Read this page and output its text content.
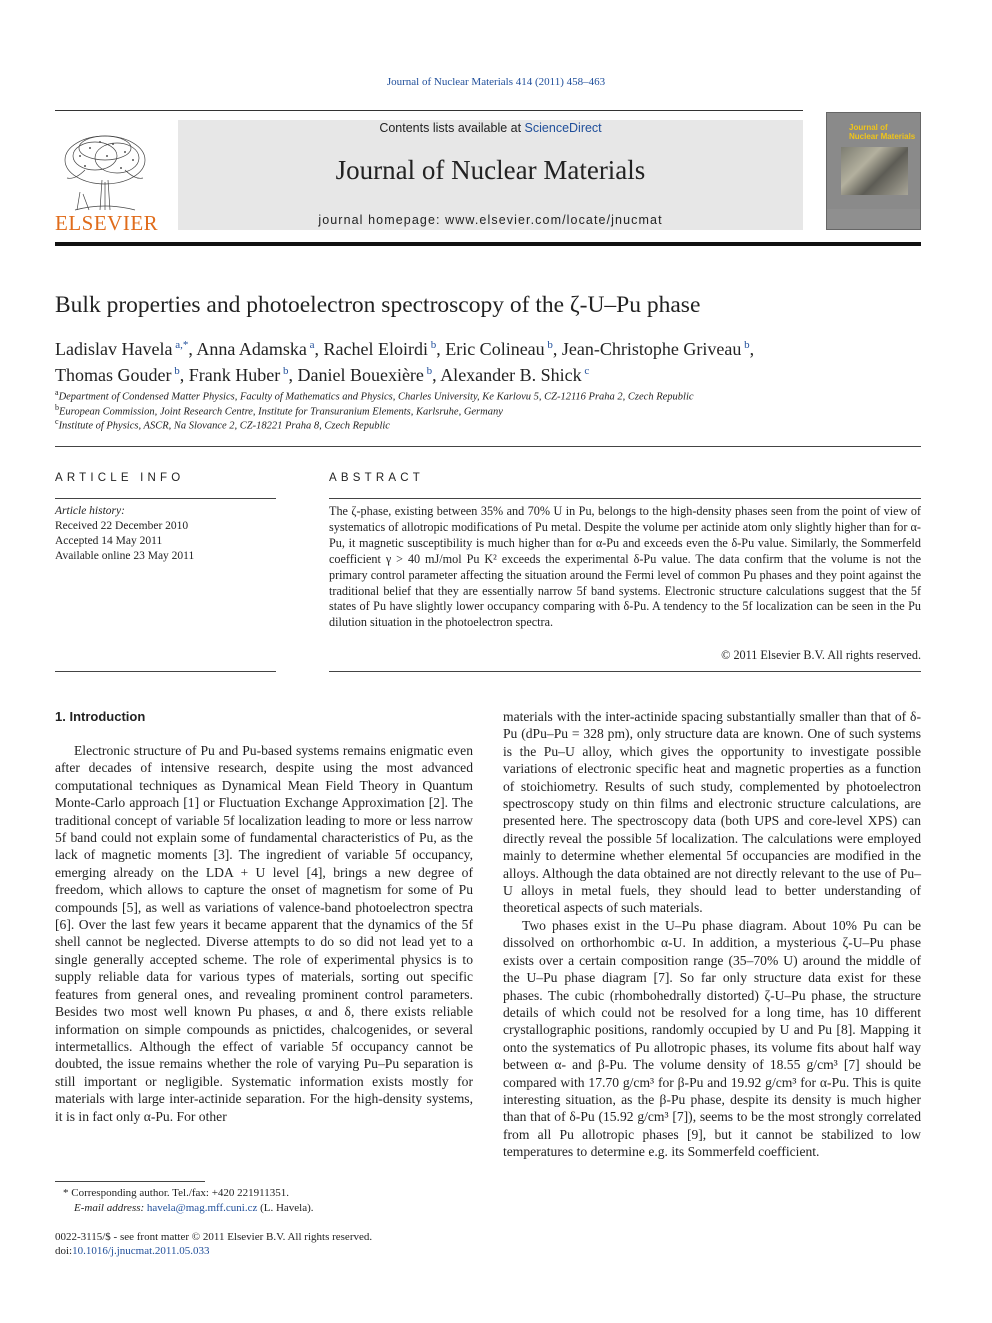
Journal of Nuclear Materials 414 (2011) 458–463
ELSEVIER
Contents lists available at ScienceDirect
Journal of Nuclear Materials
journal homepage: www.elsevier.com/locate/jnucmat
Journal of Nuclear Materials
Bulk properties and photoelectron spectroscopy of the ζ-U–Pu phase
Ladislav Havela $^{a,*}$, Anna Adamska $^a$, Rachel Eloirdi $^b$, Eric Colineau $^b$, Jean-Christophe Griveau $^b$,
Thomas Gouder $^b$, Frank Huber $^b$, Daniel Bouexière $^b$, Alexander B. Shick $^c$
$^a$Department of Condensed Matter Physics, Faculty of Mathematics and Physics, Charles University, Ke Karlovu 5, CZ-12116 Praha 2, Czech Republic
$^b$European Commission, Joint Research Centre, Institute for Transuranium Elements, Karlsruhe, Germany
$^c$Institute of Physics, ASCR, Na Slovance 2, CZ-18221 Praha 8, Czech Republic
ARTICLE INFO
Article history:
Received 22 December 2010
Accepted 14 May 2011
Available online 23 May 2011
ABSTRACT
The ζ-phase, existing between 35% and 70% U in Pu, belongs to the high-density phases seen from the point of view of systematics of allotropic modifications of Pu metal. Despite the volume per actinide atom only slightly higher than for α-Pu, it magnetic susceptibility is much higher than for α-Pu and exceeds even the δ-Pu value. Similarly, the Sommerfeld coefficient γ > 40 mJ/mol Pu K² exceeds the experimental δ-Pu value. The data confirm that the volume is not the primary control parameter affecting the situation around the Fermi level of common Pu phases and they point against the traditional belief that they are essentially narrow 5f band systems. Electronic structure calculations suggest that the 5f states of Pu have slightly lower occupancy comparing with δ-Pu. A tendency to the 5f localization can be seen in the Pu dilution situation in the photoelectron spectra.
© 2011 Elsevier B.V. All rights reserved.
1. Introduction

Electronic structure of Pu and Pu-based systems remains enigmatic even after decades of intensive research, despite using the most advanced computational techniques as Dynamical Mean Field Theory in Quantum Monte-Carlo approach [1] or Fluctuation Exchange Approximation [2]. The traditional concept of variable 5f localization leading to more or less narrow 5f band could not explain some of fundamental characteristics of Pu, as the lack of magnetic moments [3]. The ingredient of variable 5f occupancy, emerging already on the LDA + U level [4], brings a new degree of freedom, which allows to capture the onset of magnetism for some of Pu compounds [5], as well as variations of valence-band photoelectron spectra [6]. Over the last few years it became apparent that the dynamics of the 5f shell cannot be neglected. Diverse attempts to do so did not lead yet to a single generally accepted scheme. The role of experimental physics is to supply reliable data for various types of materials, sorting out specific features from general ones, and revealing prominent control parameters. Besides two most well known Pu phases, α and δ, there exists reliable information on simple compounds as pnictides, chalcogenides, or several intermetallics. Although the effect of variable 5f occupancy cannot be doubted, the issue remains whether the role of varying Pu–Pu separation is still important or negligible. Systematic information exists mostly for materials with large inter-actinide separation. For the high-density systems, it is in fact only α-Pu. For other

materials with the inter-actinide spacing substantially smaller than that of δ-Pu (dPu–Pu = 328 pm), only structure data are known. One of such systems is the Pu–U alloy, which gives the opportunity to investigate possible variations of electronic specific heat and magnetic properties as a function of stoichiometry. Results of such study, complemented by photoelectron spectroscopy study on thin films and electronic structure calculations, are presented here. The spectroscopy data (both UPS and core-level XPS) can directly reveal the possible 5f localization. The calculations were employed mainly to determine whether elemental 5f occupancies are modified in the alloys. Although the data obtained are not directly relevant to the use of Pu–U alloys in metal fuels, they should lead to better understanding of theoretical aspects of such materials.

Two phases exist in the U–Pu phase diagram. About 10% Pu can be dissolved on orthorhombic α-U. In addition, a mysterious ζ-U–Pu phase exists over a certain composition range (35–70% U) around the middle of the U–Pu phase diagram [7]. So far only structure data exist for these phases. The cubic (rhombohedrally distorted) ζ-U–Pu phase, the structure details of which could not be resolved for a long time, has 10 different crystallographic positions, randomly occupied by U and Pu [8]. Mapping it onto the systematics of Pu allotropic phases, its volume fits about half way between α- and β-Pu. The volume density of 18.55 g/cm³ [7] should be compared with 17.70 g/cm³ for β-Pu and 19.92 g/cm³ for α-Pu. This is quite interesting situation, as the β-Pu phase, despite its density is much higher than that of δ-Pu (15.92 g/cm³ [7]), seems to be the most strongly correlated from all Pu allotropic phases [9], but it cannot be stabilized to low temperatures to determine e.g. its Sommerfeld coefficient.

* Corresponding author. Tel./fax: +420 221911351.
E-mail address: havela@mag.mff.cuni.cz (L. Havela).
0022-3115/$ - see front matter © 2011 Elsevier B.V. All rights reserved.
doi:10.1016/j.jnucmat.2011.05.033
